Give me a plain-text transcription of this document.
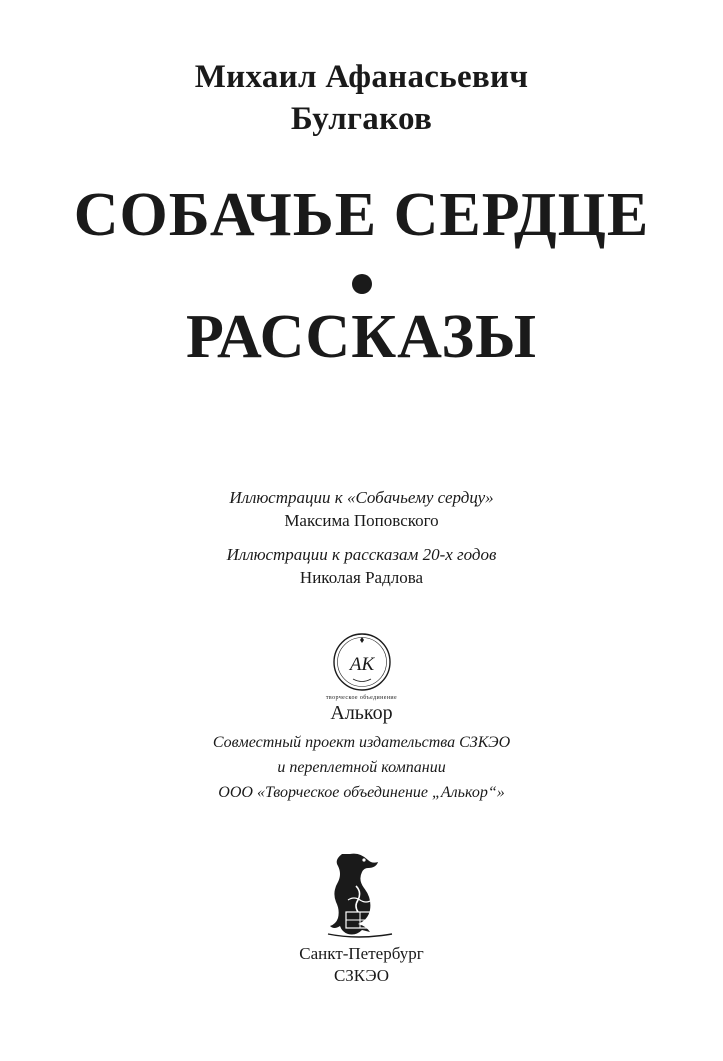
Михаил Афанасьевич
Булгаков
СОБАЧЬЕ СЕРДЦЕ
РАССКАЗЫ
Иллюстрации к «Собачьему сердцу»
Максима Поповского
Иллюстрации к рассказам 20-х годов
Николая Радлова
АК
творческое объединение
Алькор
Совместный проект издательства СЗКЭО
и переплетной компании
ООО «Творческое объединение „Алькор“»
Санкт-Петербург
СЗКЭО
